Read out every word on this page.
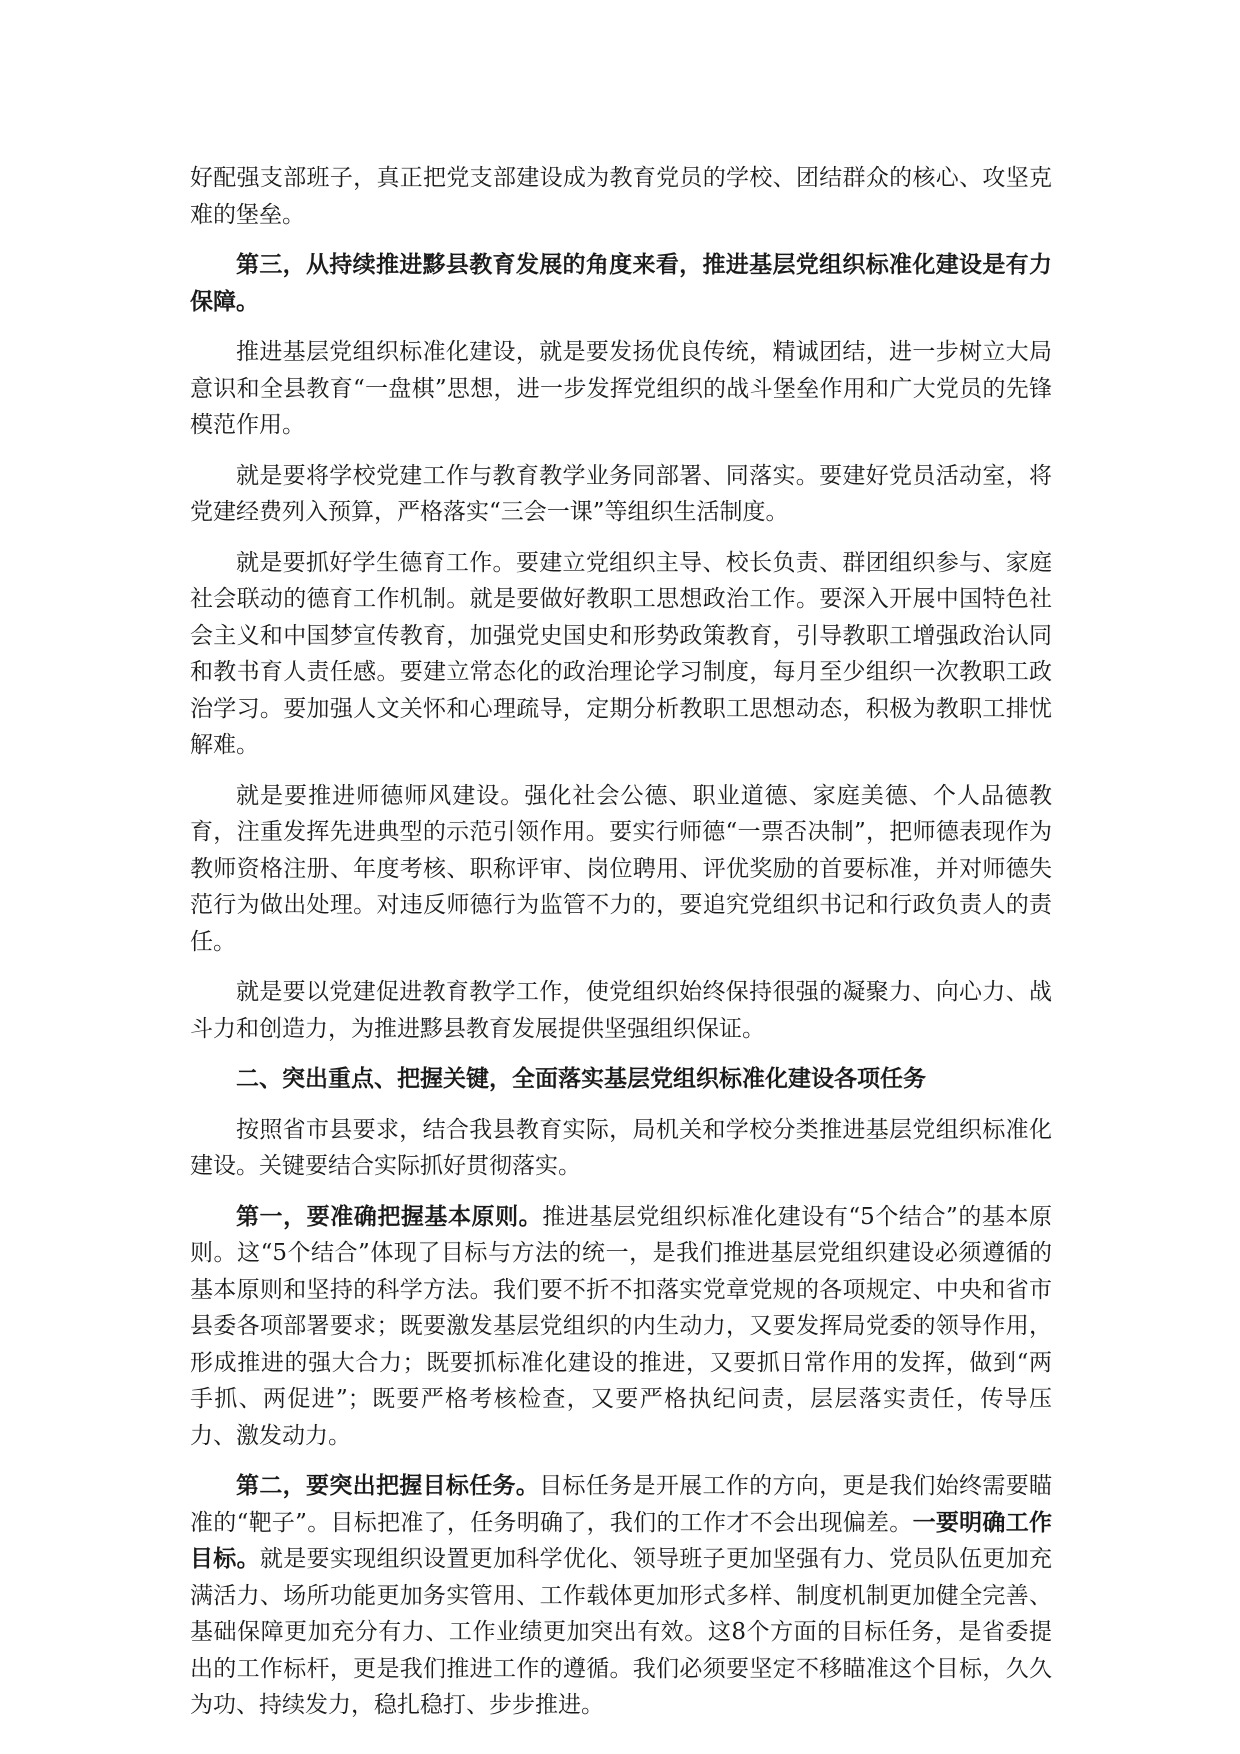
好配强支部班子，真正把党支部建设成为教育党员的学校、团结群众的核心、攻坚克难的堡垒。

第三，从持续推进黟县教育发展的角度来看，推进基层党组织标准化建设是有力保障。

推进基层党组织标准化建设，就是要发扬优良传统，精诚团结，进一步树立大局意识和全县教育“一盘棋”思想，进一步发挥党组织的战斗堡垒作用和广大党员的先锋模范作用。

就是要将学校党建工作与教育教学业务同部署、同落实。要建好党员活动室，将党建经费列入预算，严格落实“三会一课”等组织生活制度。

就是要抓好学生德育工作。要建立党组织主导、校长负责、群团组织参与、家庭社会联动的德育工作机制。就是要做好教职工思想政治工作。要深入开展中国特色社会主义和中国梦宣传教育，加强党史国史和形势政策教育，引导教职工增强政治认同和教书育人责任感。要建立常态化的政治理论学习制度，每月至少组织一次教职工政治学习。要加强人文关怀和心理疏导，定期分析教职工思想动态，积极为教职工排忧解难。

就是要推进师德师风建设。强化社会公德、职业道德、家庭美德、个人品德教育，注重发挥先进典型的示范引领作用。要实行师德“一票否决制”，把师德表现作为教师资格注册、年度考核、职称评审、岗位聘用、评优奖励的首要标准，并对师德失范行为做出处理。对违反师德行为监管不力的，要追究党组织书记和行政负责人的责任。

就是要以党建促进教育教学工作，使党组织始终保持很强的凝聚力、向心力、战斗力和创造力，为推进黟县教育发展提供坚强组织保证。

二、突出重点、把握关键，全面落实基层党组织标准化建设各项任务

按照省市县要求，结合我县教育实际，局机关和学校分类推进基层党组织标准化建设。关键要结合实际抓好贯彻落实。

第一，要准确把握基本原则。推进基层党组织标准化建设有“5个结合”的基本原则。这“5个结合”体现了目标与方法的统一，是我们推进基层党组织建设必须遵循的基本原则和坚持的科学方法。我们要不折不扣落实党章党规的各项规定、中央和省市县委各项部署要求；既要激发基层党组织的内生动力，又要发挥局党委的领导作用，形成推进的强大合力；既要抓标准化建设的推进，又要抓日常作用的发挥，做到“两手抓、两促进”；既要严格考核检查，又要严格执纪问责，层层落实责任，传导压力、激发动力。

第二，要突出把握目标任务。目标任务是开展工作的方向，更是我们始终需要瞄准的“靶子”。目标把准了，任务明确了，我们的工作才不会出现偏差。一要明确工作目标。就是要实现组织设置更加科学优化、领导班子更加坚强有力、党员队伍更加充满活力、场所功能更加务实管用、工作载体更加形式多样、制度机制更加健全完善、基础保障更加充分有力、工作业绩更加突出有效。这8个方面的目标任务，是省委提出的工作标杆，更是我们推进工作的遵循。我们必须要坚定不移瞄准这个目标，久久为功、持续发力，稳扎稳打、步步推进。
